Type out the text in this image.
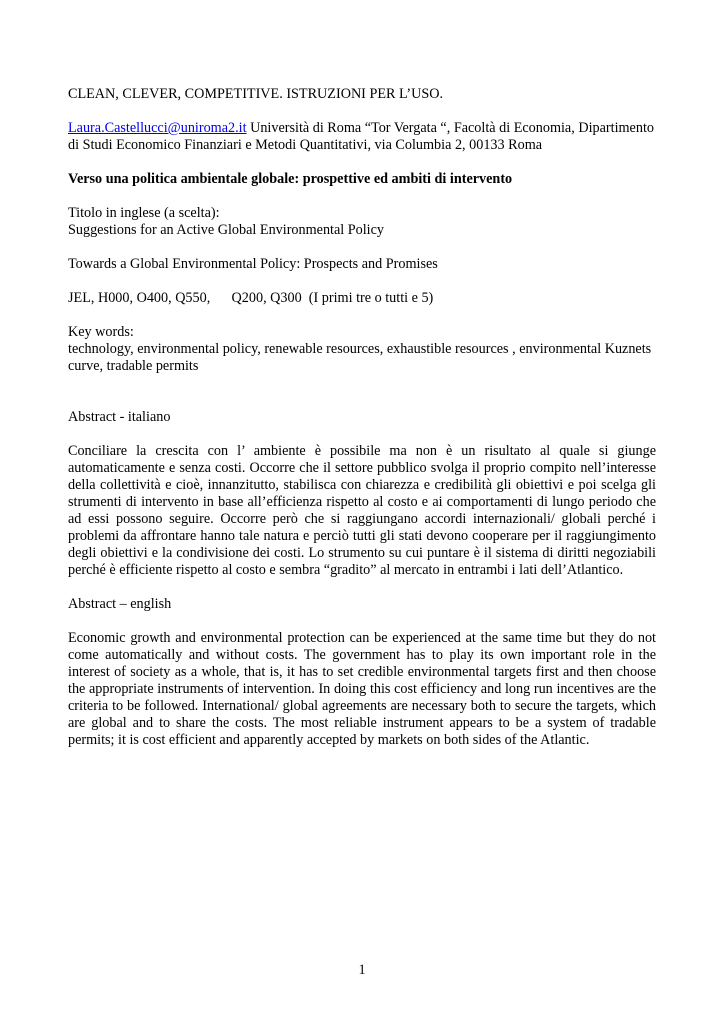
CLEAN, CLEVER, COMPETITIVE. ISTRUZIONI PER L’USO.

Laura.Castellucci@uniroma2.it Università di Roma “Tor Vergata “, Facoltà di Economia, Dipartimento di Studi Economico Finanziari e Metodi Quantitativi, via Columbia 2, 00133 Roma

Verso una politica ambientale globale: prospettive ed ambiti di intervento

Titolo in inglese (a scelta):

Suggestions for an Active Global Environmental Policy

Towards a Global Environmental Policy: Prospects and Promises

JEL, H000, O400, Q550,      Q200, Q300  (I primi tre o tutti e 5)

Key words:

technology, environmental policy, renewable resources, exhaustible resources , environmental Kuznets curve, tradable permits

Abstract - italiano

Conciliare la crescita con l’ ambiente è possibile ma non è un risultato al quale si giunge automaticamente e senza costi. Occorre che il settore pubblico svolga il proprio compito nell’interesse della collettività e cioè, innanzitutto, stabilisca con chiarezza e credibilità gli obiettivi e poi scelga gli strumenti di intervento in base all’efficienza rispetto al costo e ai comportamenti di lungo periodo che ad essi possono seguire. Occorre però che si raggiungano accordi internazionali/ globali perché i problemi da affrontare hanno tale natura e perciò tutti gli stati devono cooperare per il raggiungimento degli obiettivi e la condivisione dei costi. Lo strumento su cui puntare è il sistema di diritti negoziabili perché è efficiente rispetto al costo e sembra “gradito” al mercato in entrambi i lati dell’Atlantico.

Abstract – english

Economic growth and environmental protection can be experienced at the same time but they do not come automatically and without costs. The government has to play its own important role in the interest of society as a whole, that is, it has to set credible environmental targets first and then choose the appropriate instruments of intervention. In doing this cost efficiency and long run incentives are the criteria to be followed. International/ global agreements are necessary both to secure the targets, which are global and to share the costs. The most reliable instrument appears to be a system of tradable permits; it is cost efficient and apparently accepted by markets on both sides of the Atlantic.

1
